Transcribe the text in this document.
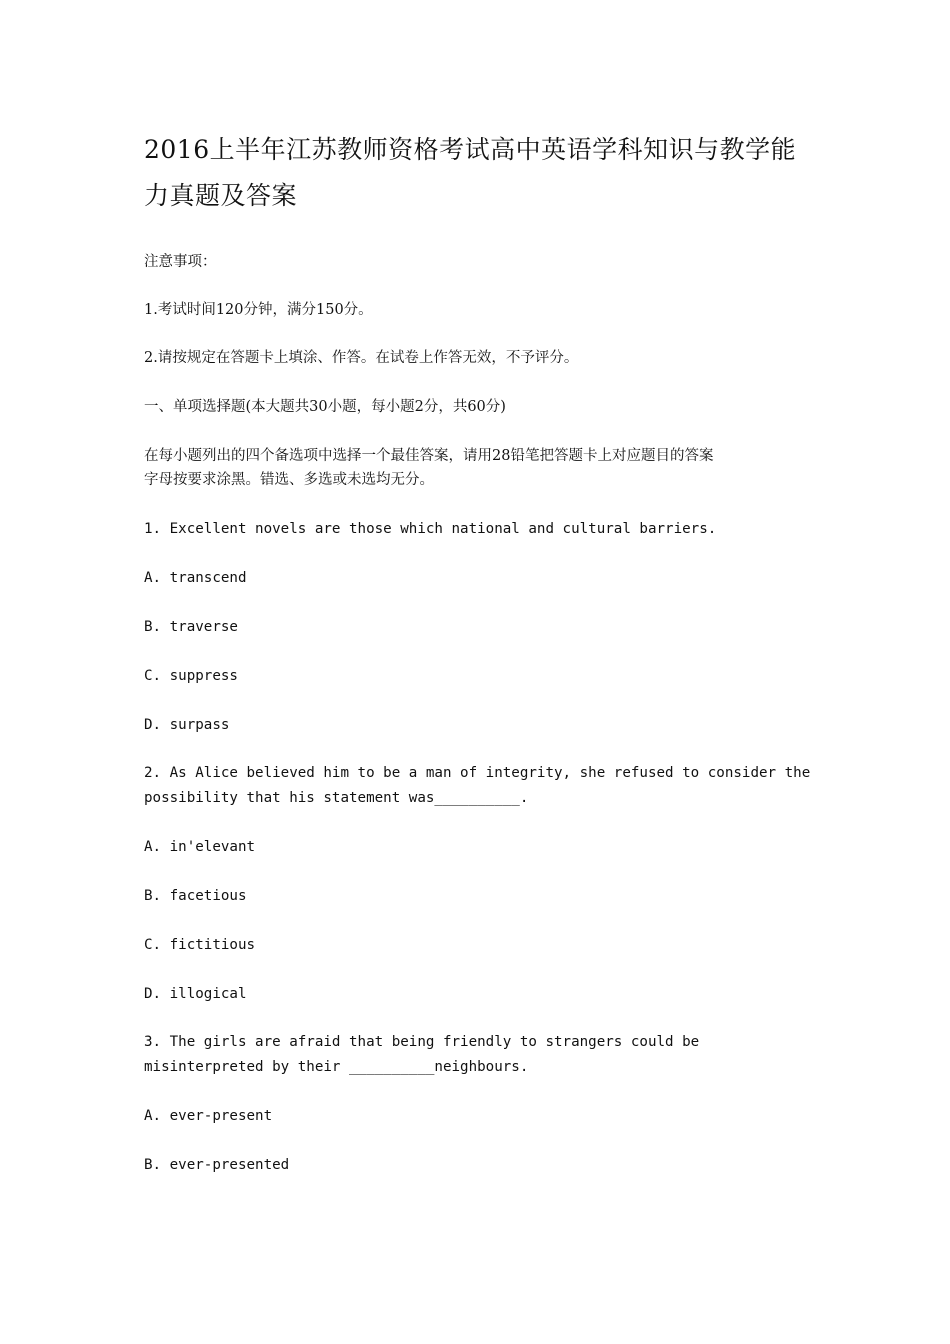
2016上半年江苏教师资格考试高中英语学科知识与教学能力真题及答案

注意事项：

1.考试时间120分钟，满分150分。

2.请按规定在答题卡上填涂、作答。在试卷上作答无效，不予评分。

一、单项选择题(本大题共30小题，每小题2分，共60分)

在每小题列出的四个备选项中选择一个最佳答案，请用28铅笔把答题卡上对应题目的答案

字母按要求涂黑。错选、多选或未选均无分。

1. Excellent novels are those which national and cultural barriers.

A. transcend

B. traverse

C. suppress

D. surpass

2. As Alice believed him to be a man of integrity, she refused to consider the

possibility that his statement was__________.

A. in'elevant

B. facetious

C. fictitious

D. illogical

3. The girls are afraid that being friendly to strangers could be

misinterpreted by their __________neighbours.

A. ever-present

B. ever-presented
